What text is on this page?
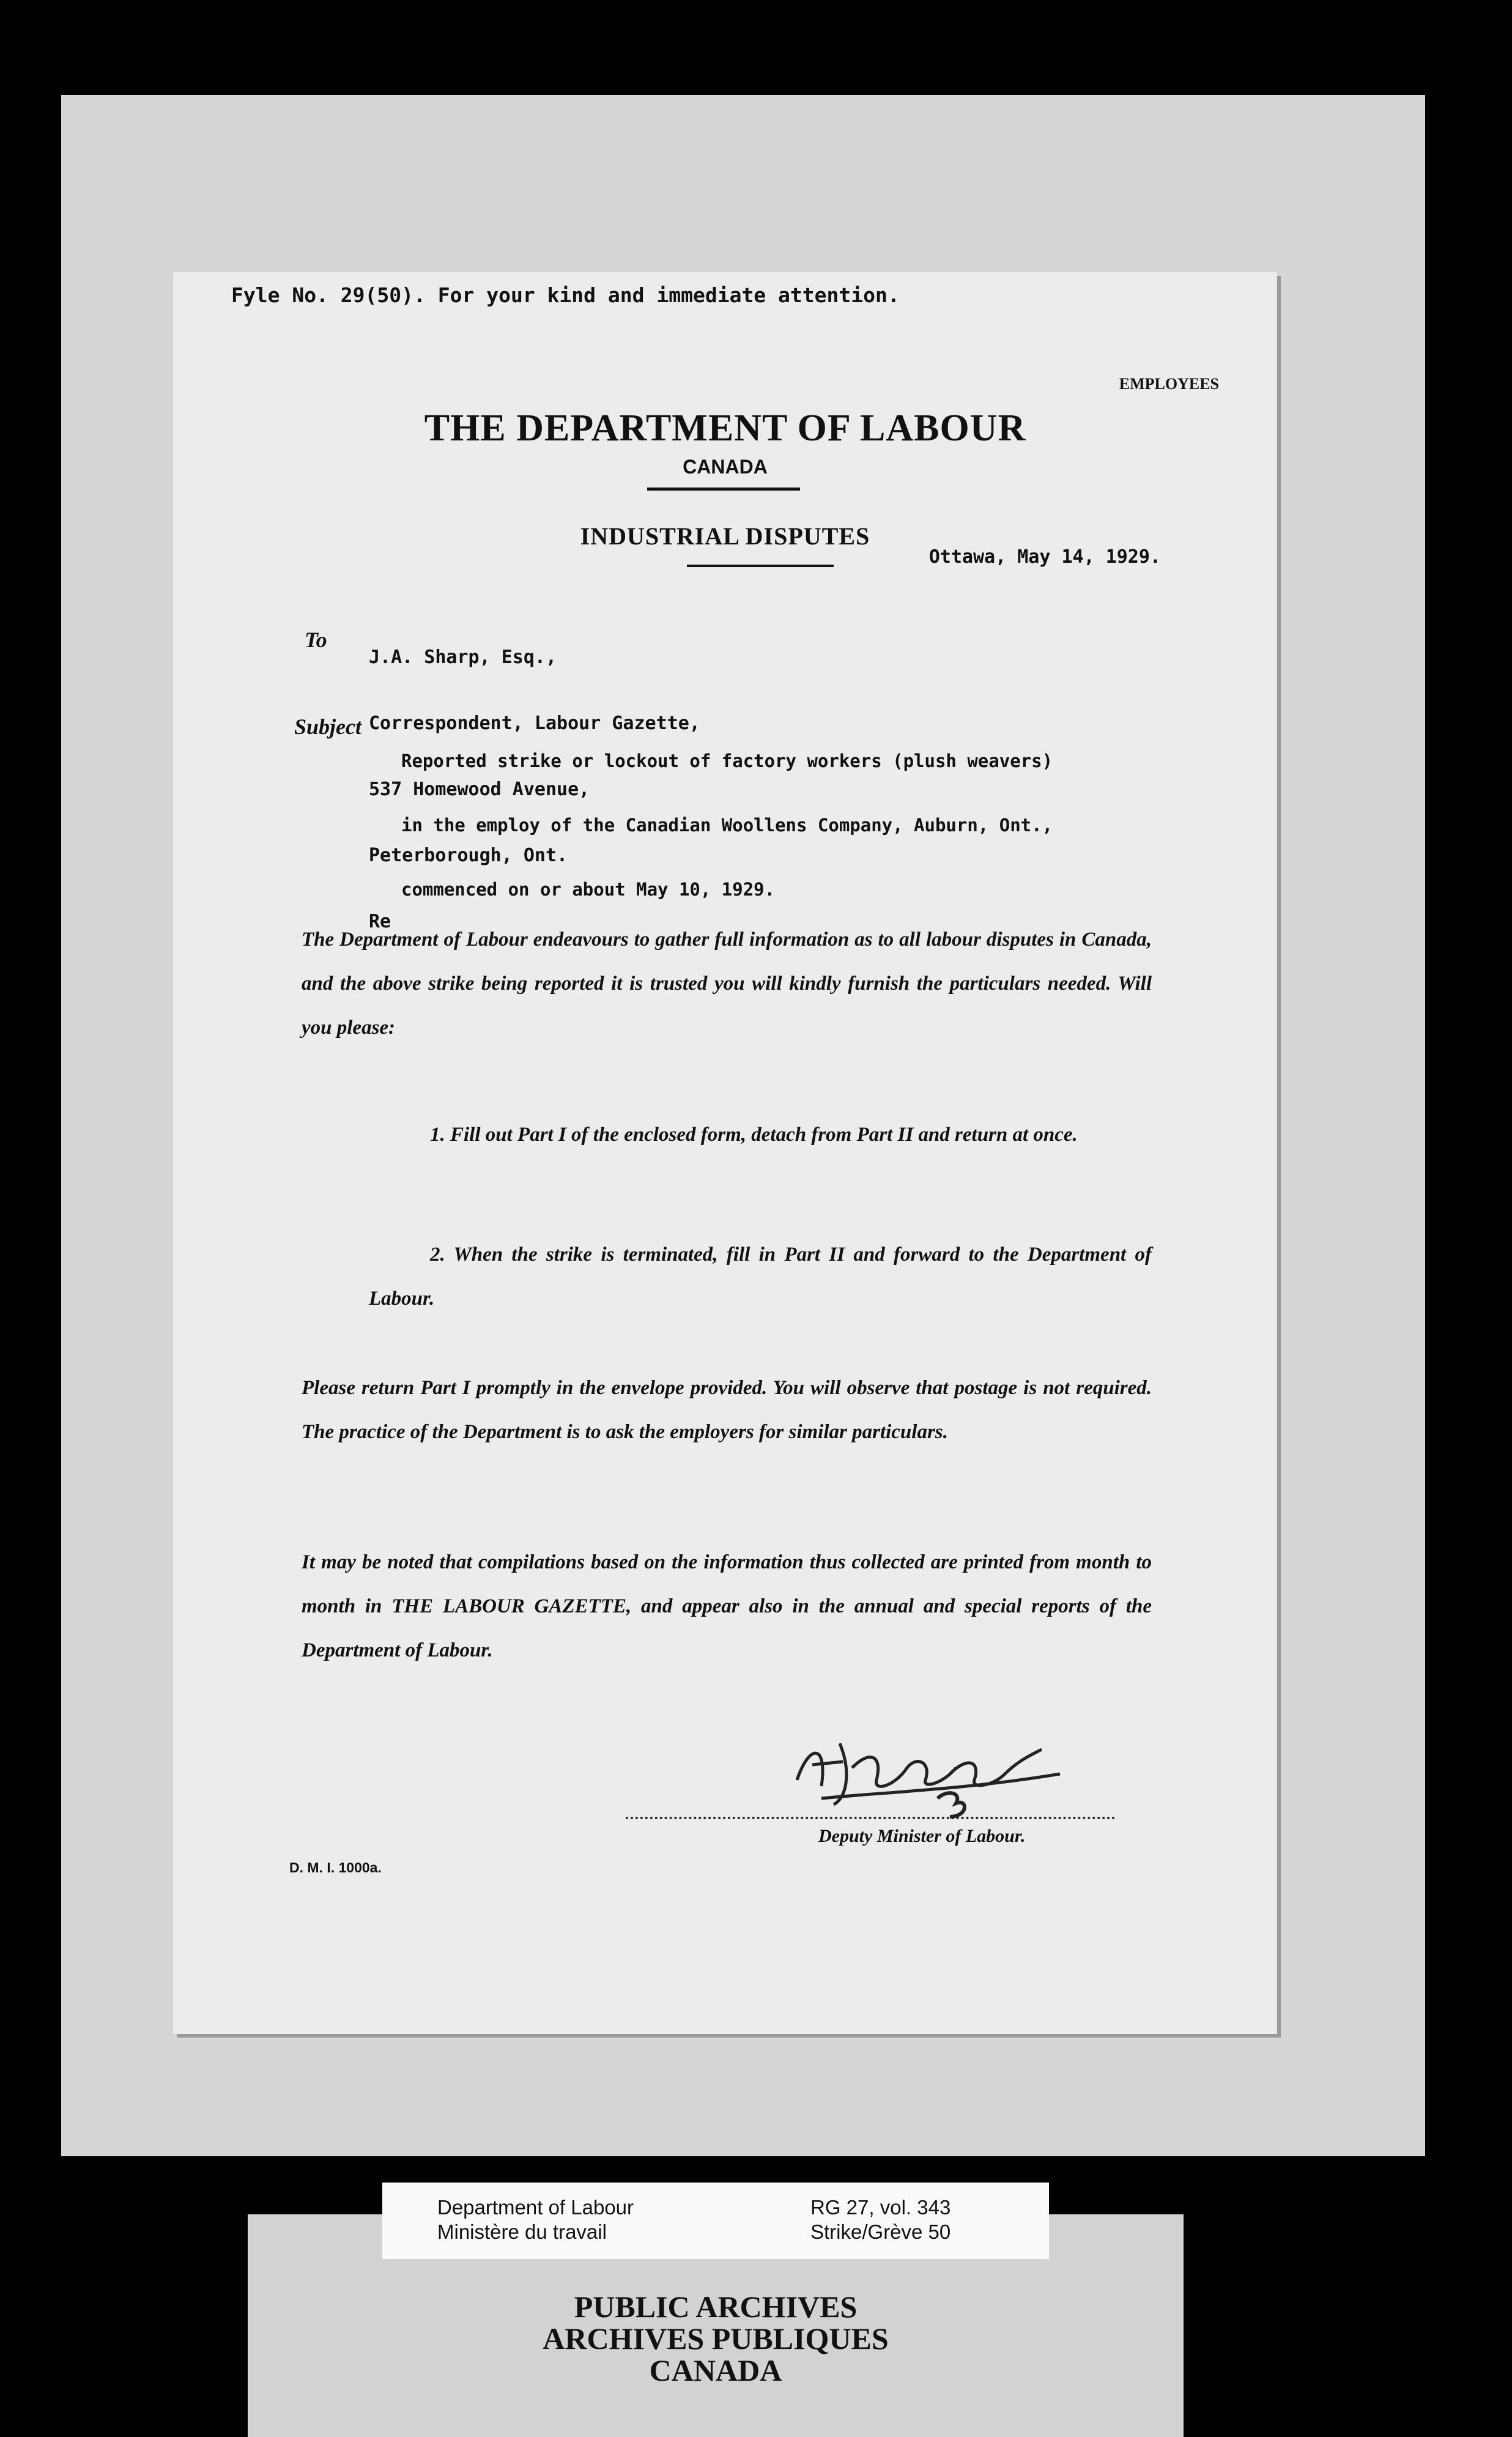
Fyle No. 29(50). For your kind and immediate attention.

EMPLOYEES

THE DEPARTMENT OF LABOUR

CANADA

INDUSTRIAL DISPUTES

Ottawa, May 14, 1929.

To

J.A. Sharp, Esq.,

Correspondent, Labour Gazette,

537 Homewood Avenue,

Peterborough, Ont.

Re

Subject

Reported strike or lockout of factory workers (plush weavers)

in the employ of the Canadian Woollens Company, Auburn, Ont.,

commenced on or about May 10, 1929.

The Department of Labour endeavours to gather full information as to all labour disputes in Canada, and the above strike being reported it is trusted you will kindly furnish the particulars needed. Will you please:

1. Fill out Part I of the enclosed form, detach from Part II and return at once.

2. When the strike is terminated, fill in Part II and forward to the Department of Labour.

Please return Part I promptly in the envelope provided. You will observe that postage is not required. The practice of the Department is to ask the employers for similar particulars.

It may be noted that compilations based on the information thus collected are printed from month to month in THE LABOUR GAZETTE, and appear also in the annual and special reports of the Department of Labour.

Deputy Minister of Labour.

D. M. I. 1000a.

PUBLIC ARCHIVES
ARCHIVES PUBLIQUES
CANADA
Department of Labour
Ministère du travail
RG 27, vol. 343
Strike/Grève 50
